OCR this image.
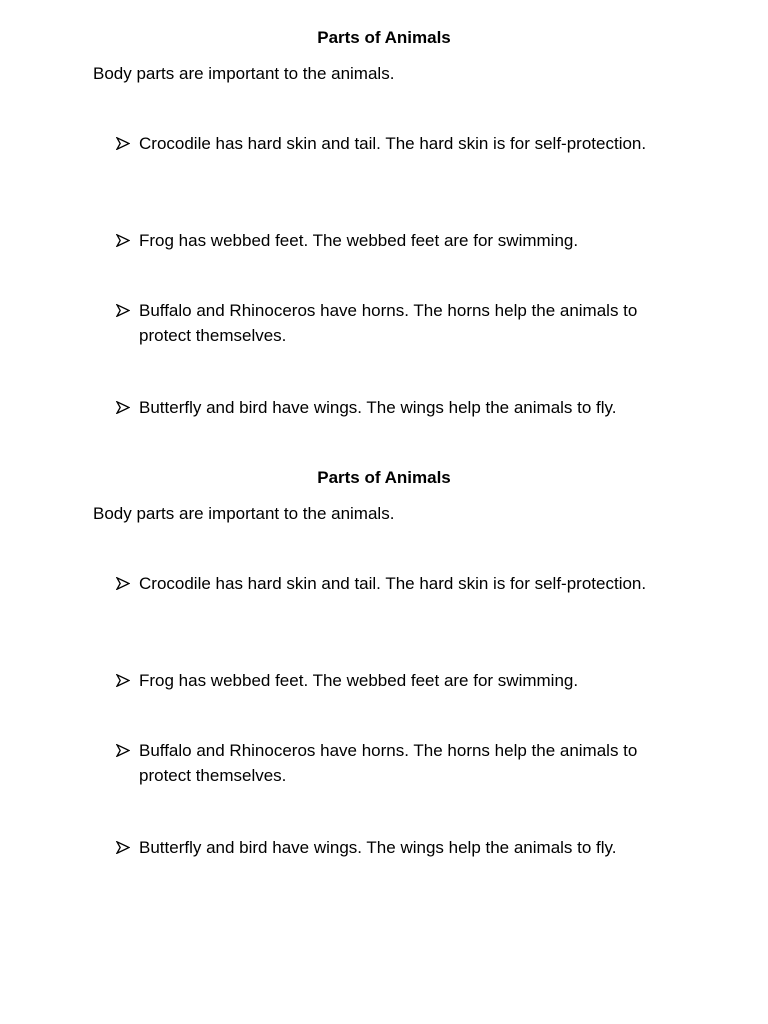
Parts of Animals

Body parts are important to the animals.

Crocodile has hard skin and tail. The hard skin is for self-protection.
Frog has webbed feet. The webbed feet are for swimming.
Buffalo and Rhinoceros have horns. The horns help the animals to protect themselves.
Butterfly and bird have wings. The wings help the animals to fly.
Parts of Animals

Body parts are important to the animals.

Crocodile has hard skin and tail. The hard skin is for self-protection.
Frog has webbed feet. The webbed feet are for swimming.
Buffalo and Rhinoceros have horns. The horns help the animals to protect themselves.
Butterfly and bird have wings. The wings help the animals to fly.
